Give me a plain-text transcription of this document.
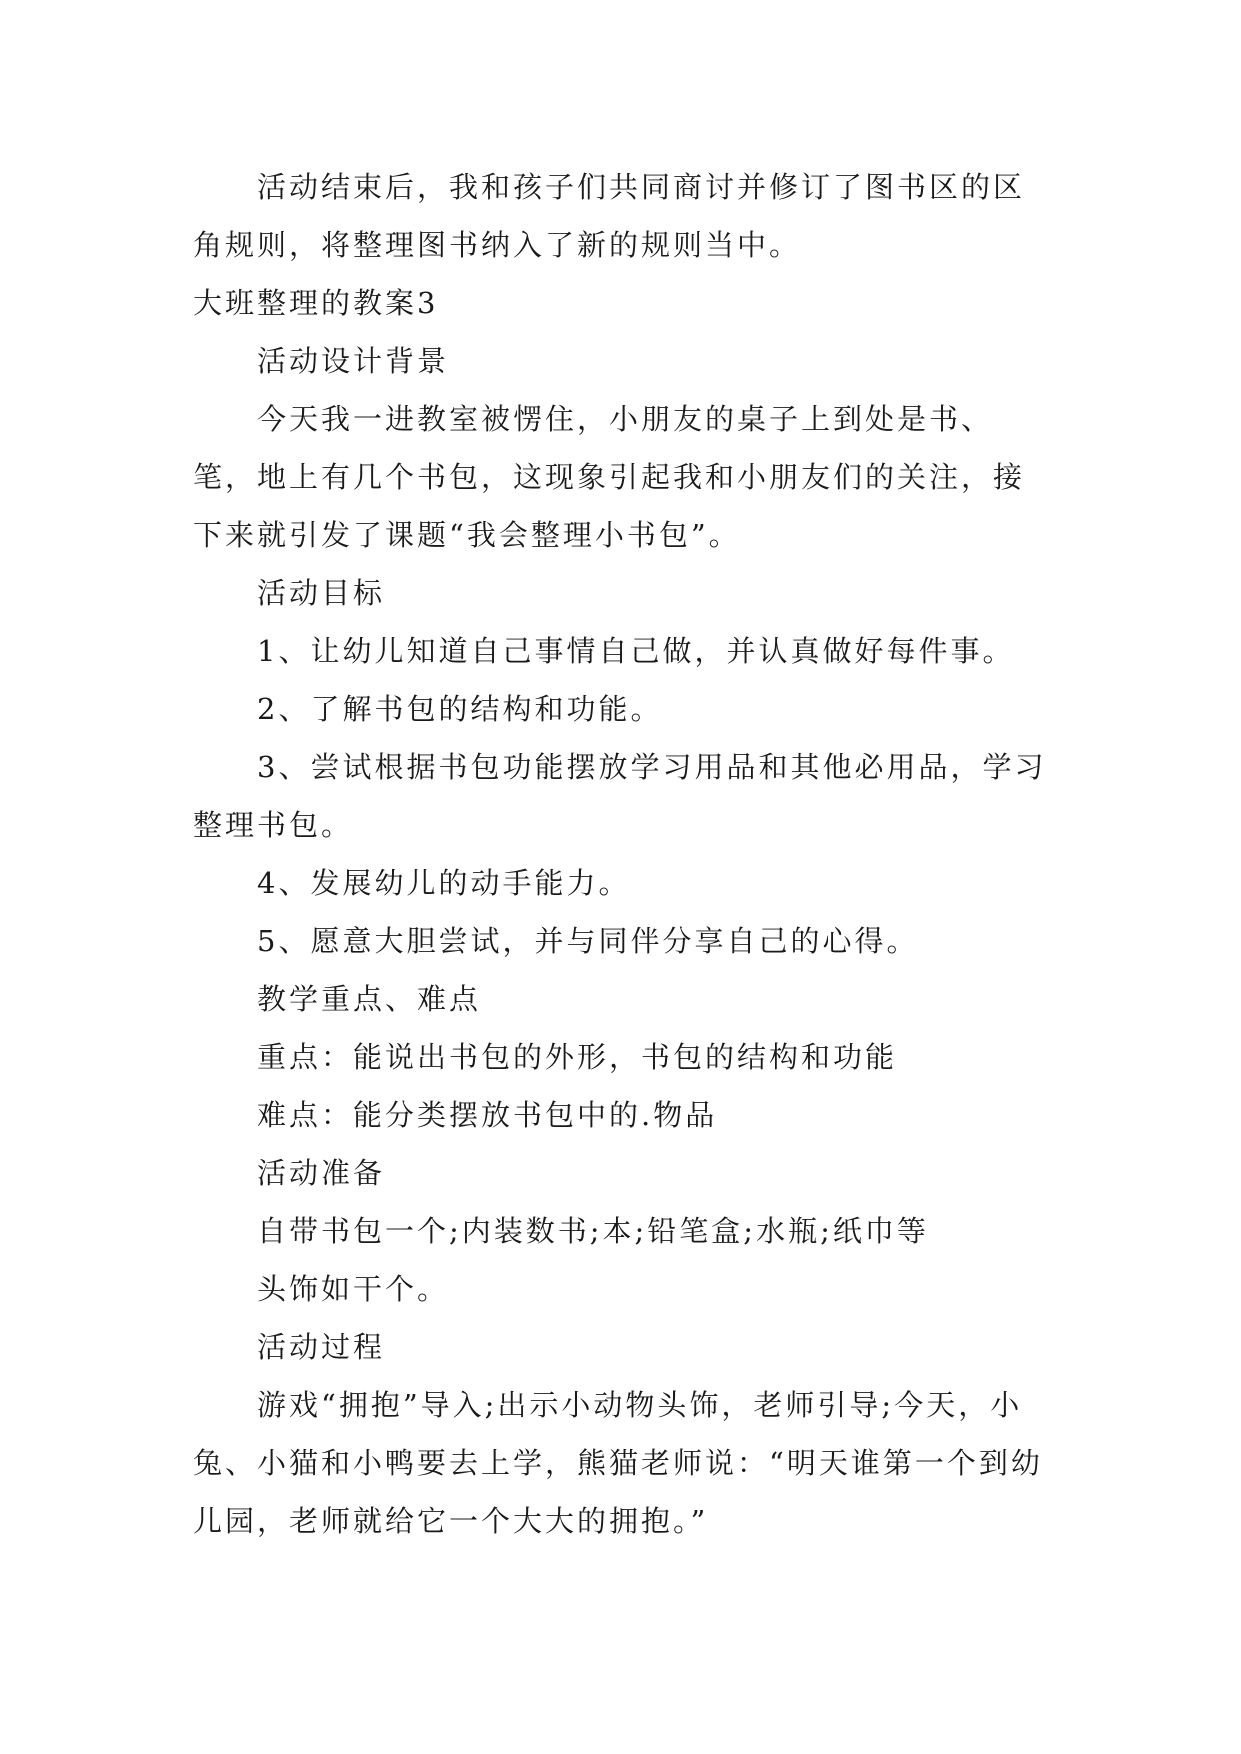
活动结束后，我和孩子们共同商讨并修订了图书区的区角规则，将整理图书纳入了新的规则当中。

大班整理的教案3

活动设计背景

今天我一进教室被愣住，小朋友的桌子上到处是书、笔，地上有几个书包，这现象引起我和小朋友们的关注，接下来就引发了课题“我会整理小书包”。

活动目标

1、让幼儿知道自己事情自己做，并认真做好每件事。

2、了解书包的结构和功能。

3、尝试根据书包功能摆放学习用品和其他必用品，学习整理书包。

4、发展幼儿的动手能力。

5、愿意大胆尝试，并与同伴分享自己的心得。

教学重点、难点

重点：能说出书包的外形，书包的结构和功能

难点：能分类摆放书包中的.物品

活动准备

自带书包一个;内装数书;本;铅笔盒;水瓶;纸巾等

头饰如干个。

活动过程

游戏“拥抱”导入;出示小动物头饰，老师引导;今天，小兔、小猫和小鸭要去上学，熊猫老师说：“明天谁第一个到幼儿园，老师就给它一个大大的拥抱。”
